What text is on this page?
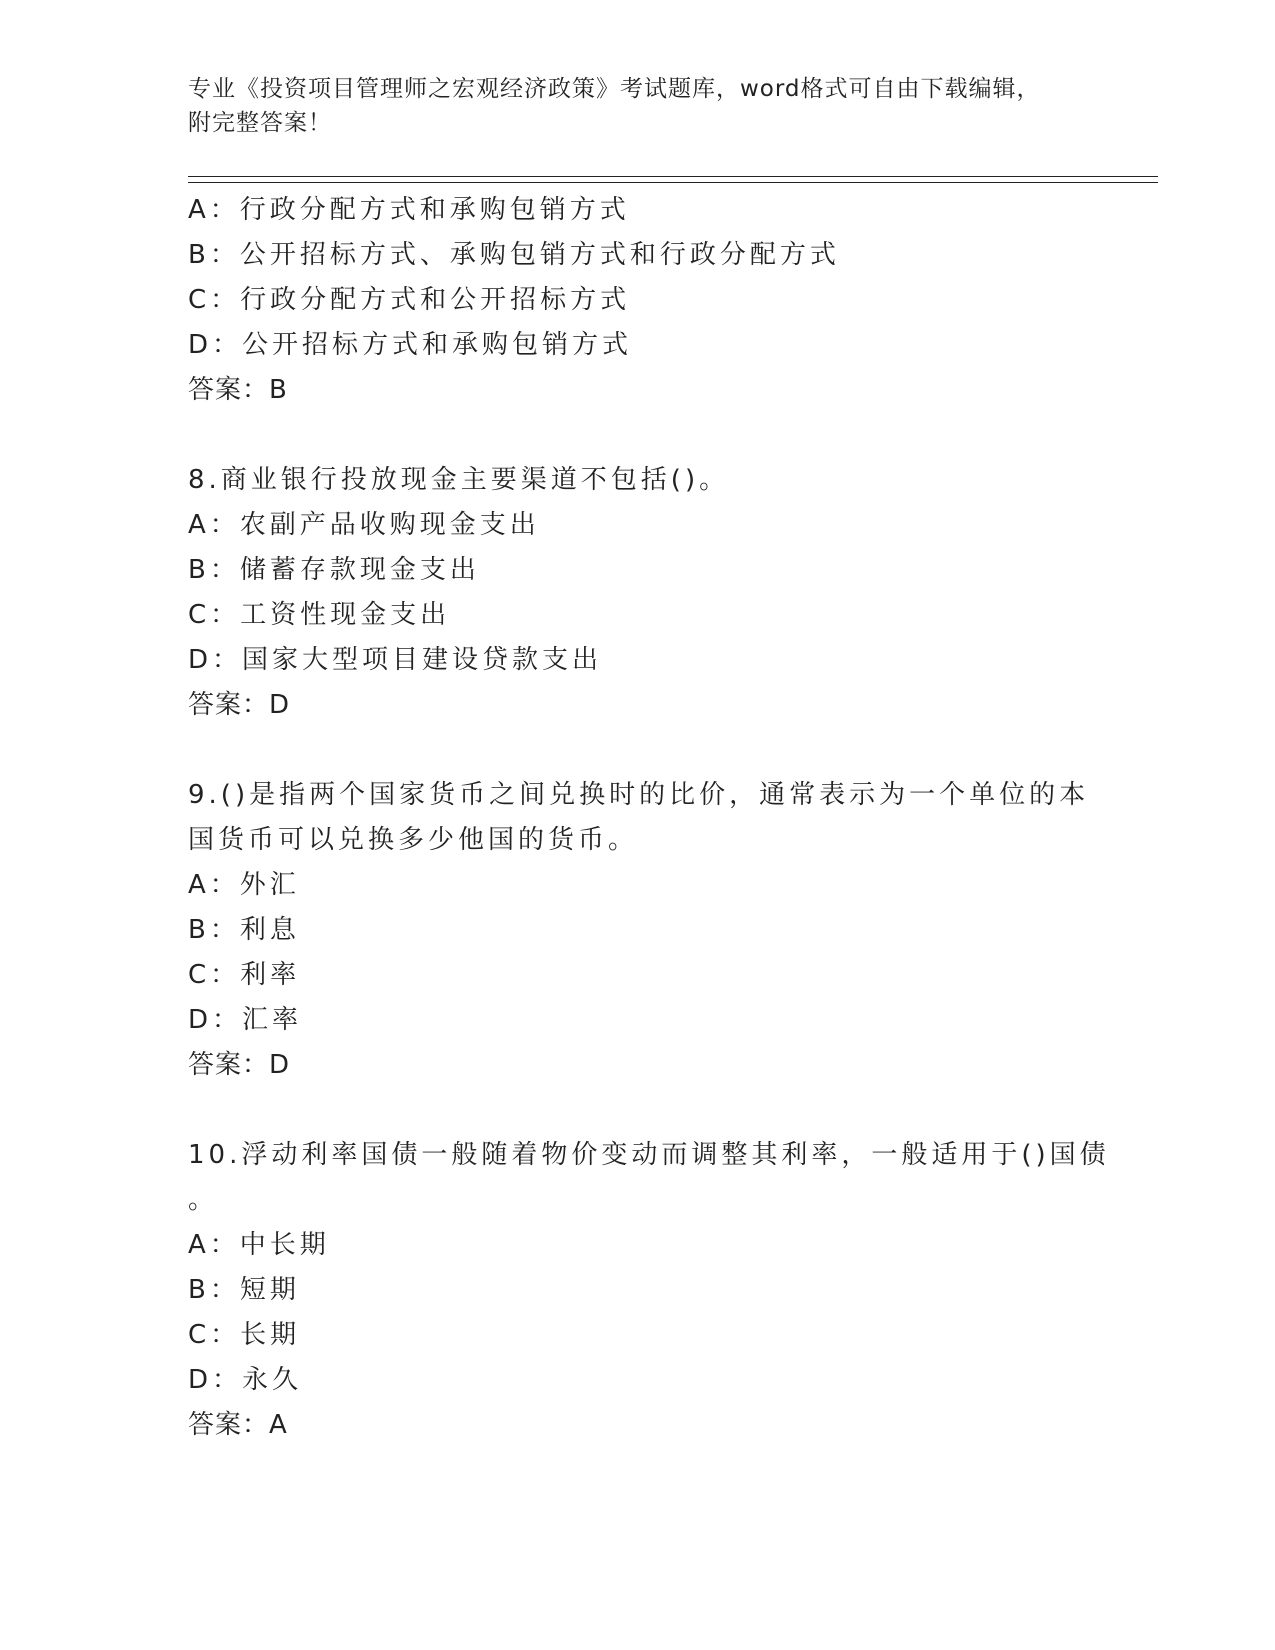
专业《投资项目管理师之宏观经济政策》考试题库，word格式可自由下载编辑，
附完整答案！
A：行政分配方式和承购包销方式
B：公开招标方式、承购包销方式和行政分配方式
C：行政分配方式和公开招标方式
D：公开招标方式和承购包销方式
答案：B
8.商业银行投放现金主要渠道不包括()。
A：农副产品收购现金支出
B：储蓄存款现金支出
C：工资性现金支出
D：国家大型项目建设贷款支出
答案：D
9.()是指两个国家货币之间兑换时的比价，通常表示为一个单位的本
国货币可以兑换多少他国的货币。
A：外汇
B：利息
C：利率
D：汇率
答案：D
10.浮动利率国债一般随着物价变动而调整其利率，一般适用于()国债
。
A：中长期
B：短期
C：长期
D：永久
答案：A
